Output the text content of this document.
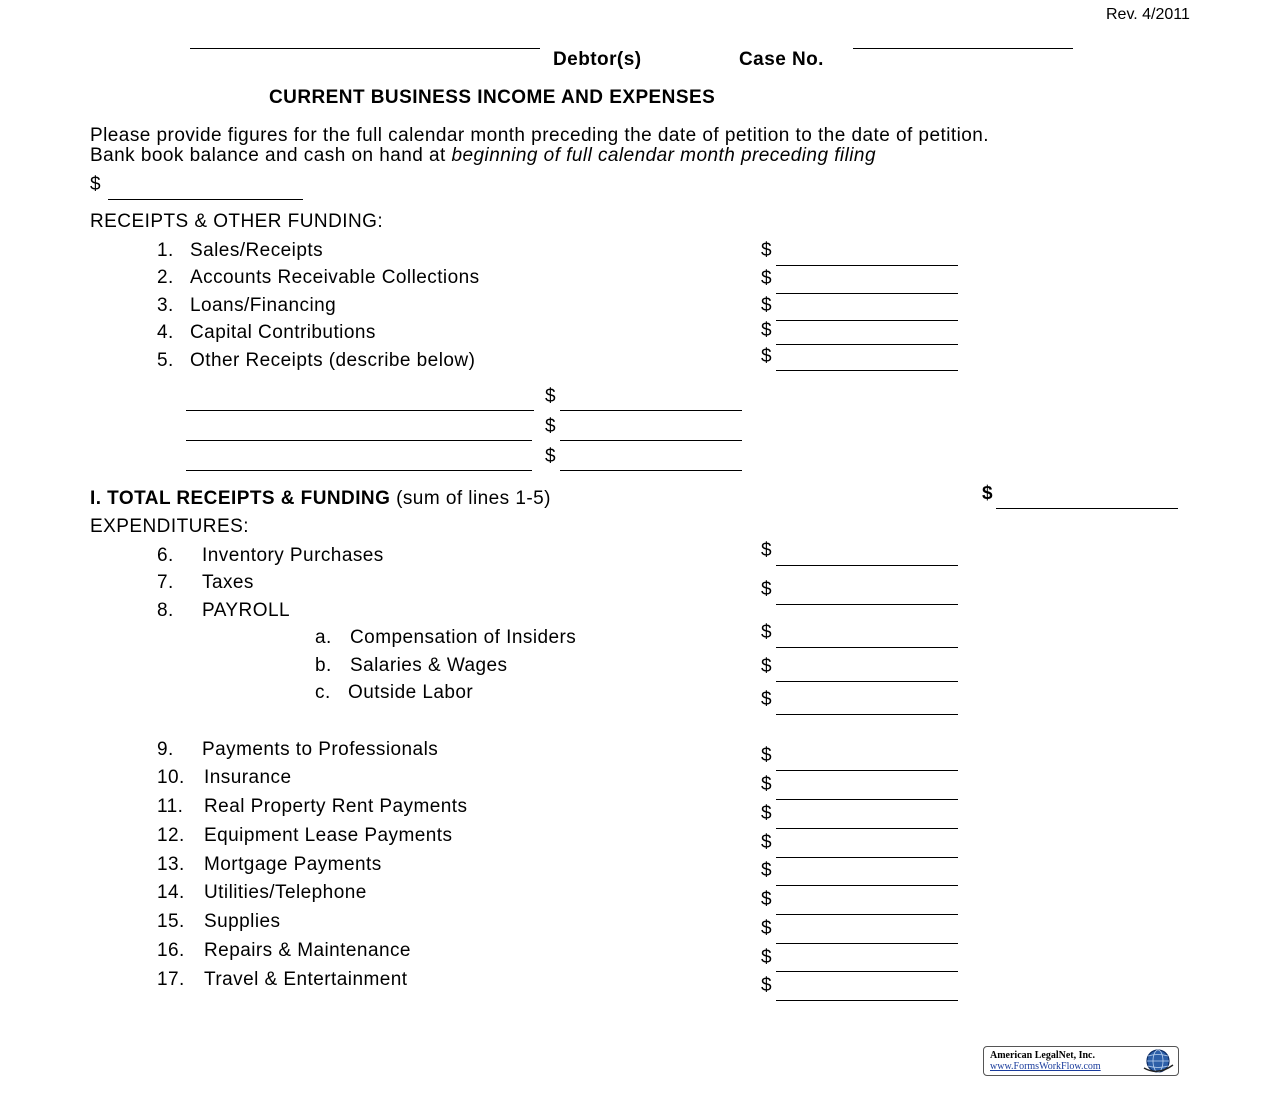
Rev. 4/2011
Debtor(s)	Case No.
CURRENT BUSINESS INCOME AND EXPENSES
Please provide figures for the full calendar month preceding the date of petition to the date of petition.
Bank book balance and cash on hand at beginning of full calendar month preceding filing
$
RECEIPTS & OTHER FUNDING:
1. Sales/Receipts	$
2. Accounts Receivable Collections	$
3. Loans/Financing	$
4. Capital Contributions	$
5. Other Receipts (describe below)	$
$
$
$
I. TOTAL RECEIPTS & FUNDING (sum of lines 1-5)	$
EXPENDITURES:
6. Inventory Purchases	$
7. Taxes	$
8. PAYROLL
a. Compensation of Insiders	$
b. Salaries & Wages	$
c. Outside Labor	$
9. Payments to Professionals	$
10. Insurance	$
11. Real Property Rent Payments	$
12. Equipment Lease Payments	$
13. Mortgage Payments	$
14. Utilities/Telephone	$
15. Supplies	$
16. Repairs & Maintenance	$
17. Travel & Entertainment	$
American LegalNet, Inc.
www.FormsWorkFlow.com
